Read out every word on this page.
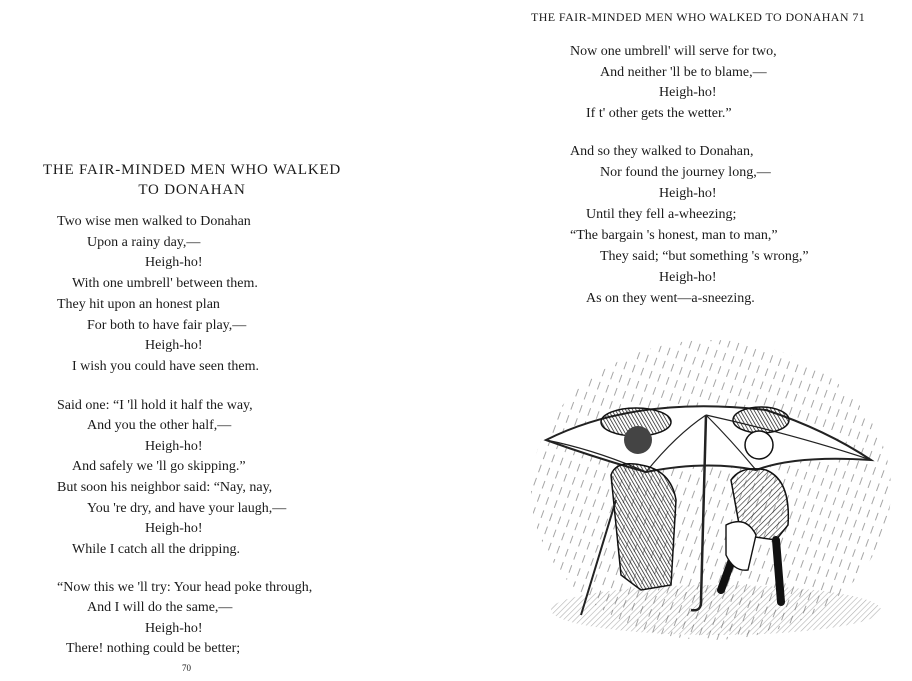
THE FAIR-MINDED MEN WHO WALKED
TO DONAHAN
Two wise men walked to Donahan
Upon a rainy day,—
Heigh-ho!
With one umbrell' between them.
They hit upon an honest plan
For both to have fair play,—
Heigh-ho!
I wish you could have seen them.
Said one: “I 'll hold it half the way,
And you the other half,—
Heigh-ho!
And safely we 'll go skipping.”
But soon his neighbor said: “Nay, nay,
You 're dry, and have your laugh,—
Heigh-ho!
While I catch all the dripping.
“Now this we 'll try: Your head poke through,
And I will do the same,—
Heigh-ho!
There! nothing could be better;
70
THE FAIR-MINDED MEN WHO WALKED TO DONAHAN 71
Now one umbrell' will serve for two,
And neither 'll be to blame,—
Heigh-ho!
If t' other gets the wetter.”
And so they walked to Donahan,
Nor found the journey long,—
Heigh-ho!
Until they fell a-wheezing;
“The bargain 's honest, man to man,”
They said; “but something 's wrong,”
Heigh-ho!
As on they went—a-sneezing.
